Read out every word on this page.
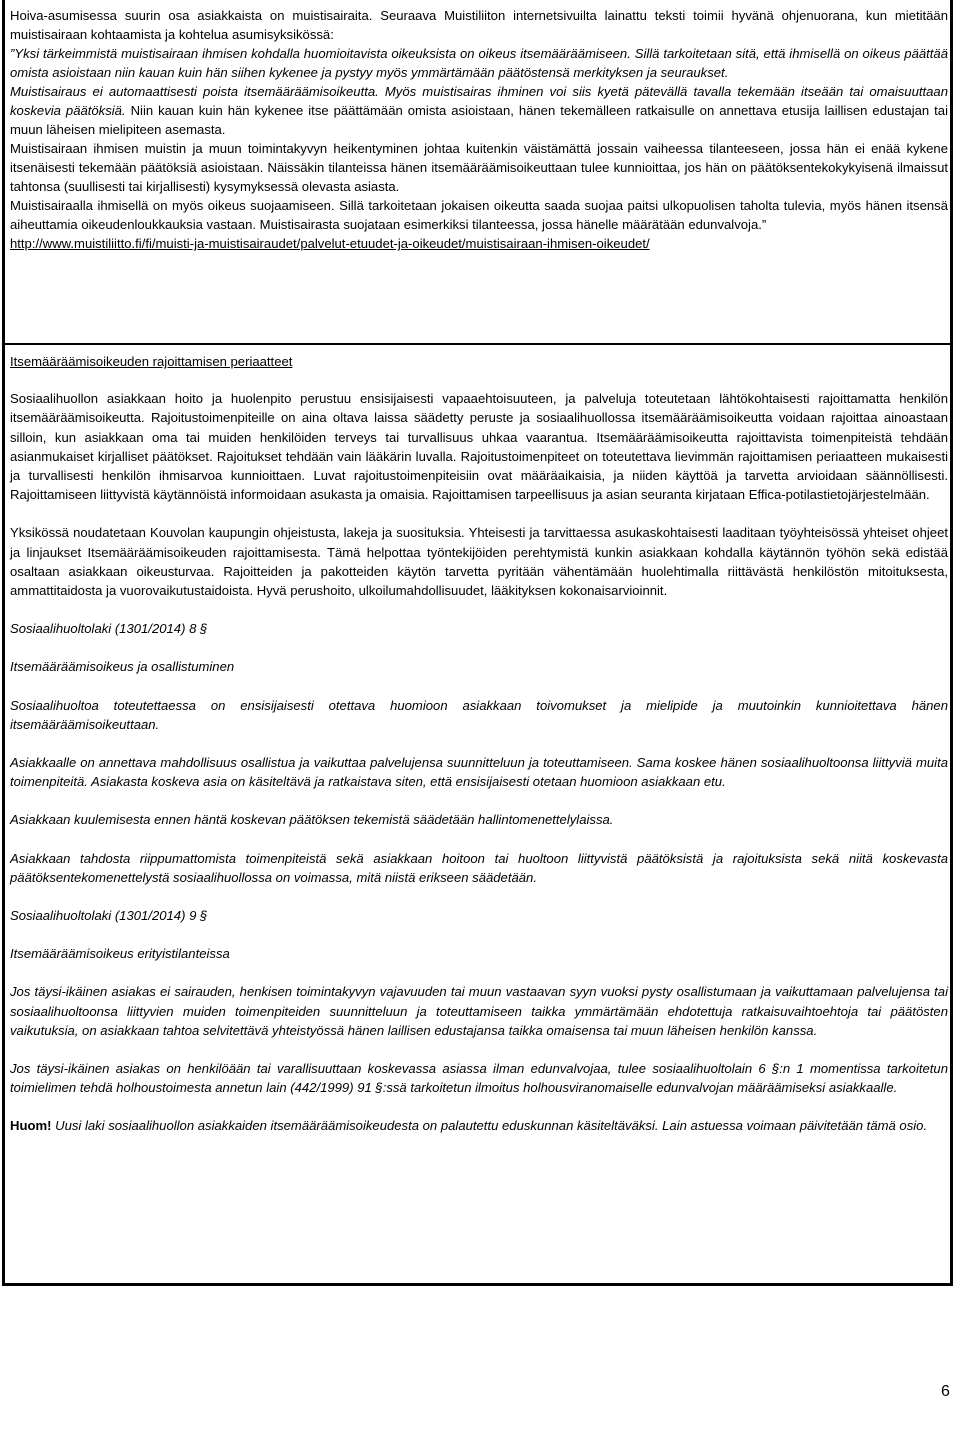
Hoiva-asumisessa suurin osa asiakkaista on muistisairaita. Seuraava Muistiliiton internetsivuilta lainattu teksti toimii hyvänä ohjenuorana, kun mietitään muistisairaan kohtaamista ja kohtelua asumisyksikössä:

”Yksi tärkeimmistä muistisairaan ihmisen kohdalla huomioitavista oikeuksista on oikeus itsemääräämiseen. Sillä tarkoitetaan sitä, että ihmisellä on oikeus päättää omista asioistaan niin kauan kuin hän siihen kykenee ja pystyy myös ymmärtämään päätöstensä merkityksen ja seuraukset.

Muistisairaus ei automaattisesti poista itsemääräämisoikeutta. Myös muistisairas ihminen voi siis kyetä pätevällä tavalla tekemään itseään tai omaisuuttaan koskevia päätöksiä. Niin kauan kuin hän kykenee itse päättämään omista asioistaan, hänen tekemälleen ratkaisulle on annettava etusija laillisen edustajan tai muun läheisen mielipiteen asemasta.

Muistisairaan ihmisen muistin ja muun toimintakyvyn heikentyminen johtaa kuitenkin väistämättä jossain vaiheessa tilanteeseen, jossa hän ei enää kykene itsenäisesti tekemään päätöksiä asioistaan. Näissäkin tilanteissa hänen itsemääräämisoikeuttaan tulee kunnioittaa, jos hän on päätöksentekokykyisenä ilmaissut tahtonsa (suullisesti tai kirjallisesti) kysymyksessä olevasta asiasta.

Muistisairaalla ihmisellä on myös oikeus suojaamiseen. Sillä tarkoitetaan jokaisen oikeutta saada suojaa paitsi ulkopuolisen taholta tulevia, myös hänen itsensä aiheuttamia oikeudenloukkauksia vastaan. Muistisairasta suojataan esimerkiksi tilanteessa, jossa hänelle määrätään edunvalvoja.”

http://www.muistiliitto.fi/fi/muisti-ja-muistisairaudet/palvelut-etuudet-ja-oikeudet/muistisairaan-ihmisen-oikeudet/

Itsemääräämisoikeuden rajoittamisen periaatteet

Sosiaalihuollon asiakkaan hoito ja huolenpito perustuu ensisijaisesti vapaaehtoisuuteen, ja palveluja toteutetaan lähtökohtaisesti rajoittamatta henkilön itsemääräämisoikeutta. Rajoitustoimenpiteille on aina oltava laissa säädetty peruste ja sosiaalihuollossa itsemääräämisoikeutta voidaan rajoittaa ainoastaan silloin, kun asiakkaan oma tai muiden henkilöiden terveys tai turvallisuus uhkaa vaarantua. Itsemääräämisoikeutta rajoittavista toimenpiteistä tehdään asianmukaiset kirjalliset päätökset. Rajoitukset tehdään vain lääkärin luvalla. Rajoitustoimenpiteet on toteutettava lievimmän rajoittamisen periaatteen mukaisesti ja turvallisesti henkilön ihmisarvoa kunnioittaen. Luvat rajoitustoimenpiteisiin ovat määräaikaisia, ja niiden käyttöä ja tarvetta arvioidaan säännöllisesti. Rajoittamiseen liittyvistä käytännöistä informoidaan asukasta ja omaisia. Rajoittamisen tarpeellisuus ja asian seuranta kirjataan Effica-potilastietojärjestelmään.

Yksikössä noudatetaan Kouvolan kaupungin ohjeistusta, lakeja ja suosituksia. Yhteisesti ja tarvittaessa asukaskohtaisesti laaditaan työyhteisössä yhteiset ohjeet ja linjaukset Itsemääräämisoikeuden rajoittamisesta. Tämä helpottaa työntekijöiden perehtymistä kunkin asiakkaan kohdalla käytännön työhön sekä edistää osaltaan asiakkaan oikeusturvaa. Rajoitteiden ja pakotteiden käytön tarvetta pyritään vähentämään huolehtimalla riittävästä henkilöstön mitoituksesta, ammattitaidosta ja vuorovaikutustaidoista. Hyvä perushoito, ulkoilumahdollisuudet, lääkityksen kokonaisarvioinnit.

Sosiaalihuoltolaki (1301/2014) 8 §

Itsemääräämisoikeus ja osallistuminen

Sosiaalihuoltoa toteutettaessa on ensisijaisesti otettava huomioon asiakkaan toivomukset ja mielipide ja muutoinkin kunnioitettava hänen itsemääräämisoikeuttaan.

Asiakkaalle on annettava mahdollisuus osallistua ja vaikuttaa palvelujensa suunnitteluun ja toteuttamiseen. Sama koskee hänen sosiaalihuoltoonsa liittyviä muita toimenpiteitä. Asiakasta koskeva asia on käsiteltävä ja ratkaistava siten, että ensisijaisesti otetaan huomioon asiakkaan etu.

Asiakkaan kuulemisesta ennen häntä koskevan päätöksen tekemistä säädetään hallintomenettelylaissa.

Asiakkaan tahdosta riippumattomista toimenpiteistä sekä asiakkaan hoitoon tai huoltoon liittyvistä päätöksistä ja rajoituksista sekä niitä koskevasta päätöksentekomenettelystä sosiaalihuollossa on voimassa, mitä niistä erikseen säädetään.

Sosiaalihuoltolaki (1301/2014) 9 §

Itsemääräämisoikeus erityistilanteissa

Jos täysi-ikäinen asiakas ei sairauden, henkisen toimintakyvyn vajavuuden tai muun vastaavan syyn vuoksi pysty osallistumaan ja vaikuttamaan palvelujensa tai sosiaalihuoltoonsa liittyvien muiden toimenpiteiden suunnitteluun ja toteuttamiseen taikka ymmärtämään ehdotettuja ratkaisuvaihtoehtoja tai päätösten vaikutuksia, on asiakkaan tahtoa selvitettävä yhteistyössä hänen laillisen edustajansa taikka omaisensa tai muun läheisen henkilön kanssa.

Jos täysi-ikäinen asiakas on henkilöään tai varallisuuttaan koskevassa asiassa ilman edunvalvojaa, tulee sosiaalihuoltolain 6 §:n 1 momentissa tarkoitetun toimielimen tehdä holhoustoimesta annetun lain (442/1999) 91 §:ssä tarkoitetun ilmoitus holhousviranomaiselle edunvalvojan määräämiseksi asiakkaalle.

Huom! Uusi laki sosiaalihuollon asiakkaiden itsemääräämisoikeudesta on palautettu eduskunnan käsiteltäväksi. Lain astuessa voimaan päivitetään tämä osio.

6
